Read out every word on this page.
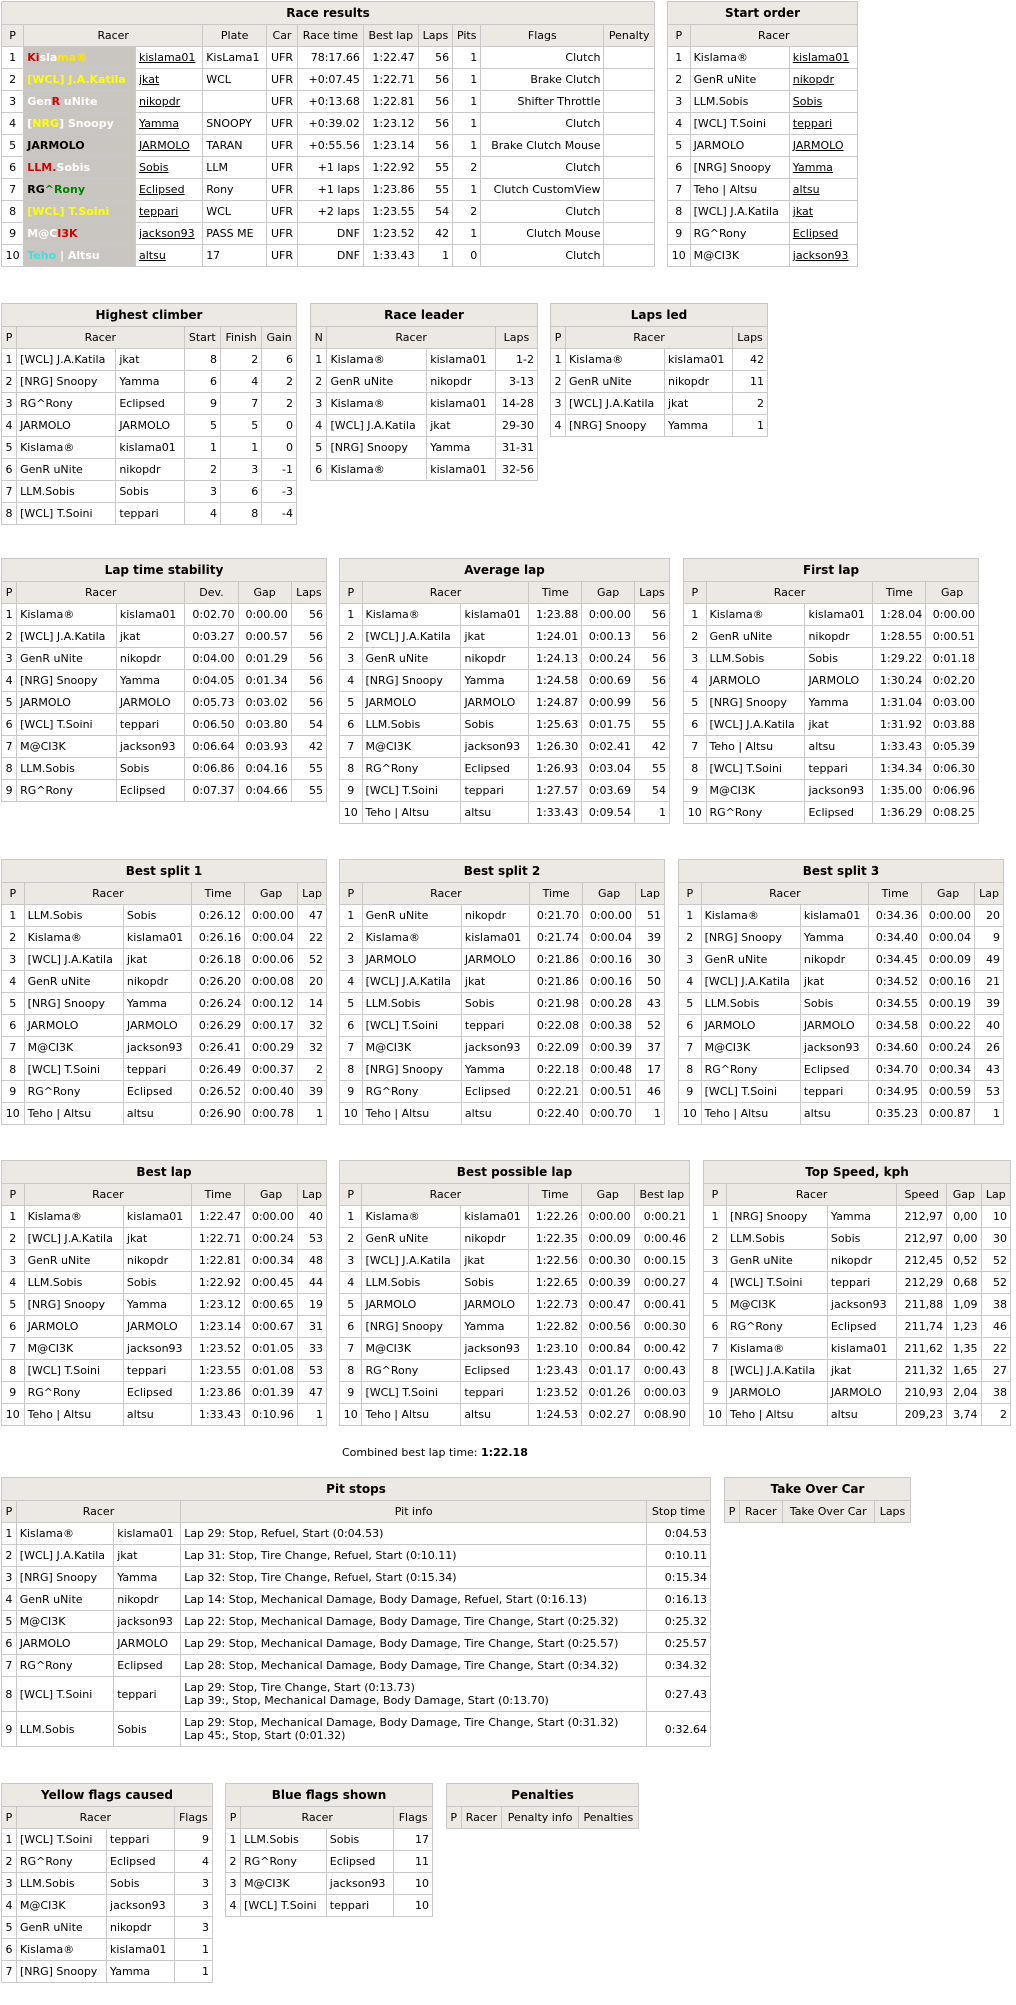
Race results
P	Racer		Plate	Car	Race time	Best lap	Laps	Pits	Flags	Penalty
1	Kislama®	kislama01	KisLama1	UFR	78:17.66	1:22.47	56	1	Clutch	
2	[WCL] J.A.Katila	jkat	WCL	UFR	+0:07.45	1:22.71	56	1	Brake Clutch	
3	GenR uNite	nikopdr		UFR	+0:13.68	1:22.81	56	1	Shifter Throttle	
4	[NRG] Snoopy	Yamma	SNOOPY	UFR	+0:39.02	1:23.12	56	1	Clutch	
5	JARMOLO	JARMOLO	TARAN	UFR	+0:55.56	1:23.14	56	1	Brake Clutch Mouse	
6	LLM.Sobis	Sobis	LLM	UFR	+1 laps	1:22.92	55	2	Clutch	
7	RG^Rony	Eclipsed	Rony	UFR	+1 laps	1:23.86	55	1	Clutch CustomView	
8	[WCL] T.Soini	teppari	WCL	UFR	+2 laps	1:23.55	54	2	Clutch	
9	M@CI3K	jackson93	PASS ME	UFR	DNF	1:23.52	42	1	Clutch Mouse	
10	Teho | Altsu	altsu	17	UFR	DNF	1:33.43	1	0	Clutch	
Start order
P	Racer	
1	Kislama®	kislama01
2	GenR uNite	nikopdr
3	LLM.Sobis	Sobis
4	[WCL] T.Soini	teppari
5	JARMOLO	JARMOLO
6	[NRG] Snoopy	Yamma
7	Teho | Altsu	altsu
8	[WCL] J.A.Katila	jkat
9	RG^Rony	Eclipsed
10	M@CI3K	jackson93
Highest climber
P	Racer		Start	Finish	Gain
1	[WCL] J.A.Katila	jkat	8	2	6
2	[NRG] Snoopy	Yamma	6	4	2
3	RG^Rony	Eclipsed	9	7	2
4	JARMOLO	JARMOLO	5	5	0
5	Kislama®	kislama01	1	1	0
6	GenR uNite	nikopdr	2	3	-1
7	LLM.Sobis	Sobis	3	6	-3
8	[WCL] T.Soini	teppari	4	8	-4
Race leader
N	Racer		Laps
1	Kislama®	kislama01	1-2
2	GenR uNite	nikopdr	3-13
3	Kislama®	kislama01	14-28
4	[WCL] J.A.Katila	jkat	29-30
5	[NRG] Snoopy	Yamma	31-31
6	Kislama®	kislama01	32-56
Laps led
P	Racer		Laps
1	Kislama®	kislama01	42
2	GenR uNite	nikopdr	11
3	[WCL] J.A.Katila	jkat	2
4	[NRG] Snoopy	Yamma	1
Lap time stability
P	Racer		Dev.	Gap	Laps
1	Kislama®	kislama01	0:02.70	0:00.00	56
2	[WCL] J.A.Katila	jkat	0:03.27	0:00.57	56
3	GenR uNite	nikopdr	0:04.00	0:01.29	56
4	[NRG] Snoopy	Yamma	0:04.05	0:01.34	56
5	JARMOLO	JARMOLO	0:05.73	0:03.02	56
6	[WCL] T.Soini	teppari	0:06.50	0:03.80	54
7	M@CI3K	jackson93	0:06.64	0:03.93	42
8	LLM.Sobis	Sobis	0:06.86	0:04.16	55
9	RG^Rony	Eclipsed	0:07.37	0:04.66	55
Average lap
P	Racer		Time	Gap	Laps
1	Kislama®	kislama01	1:23.88	0:00.00	56
2	[WCL] J.A.Katila	jkat	1:24.01	0:00.13	56
3	GenR uNite	nikopdr	1:24.13	0:00.24	56
4	[NRG] Snoopy	Yamma	1:24.58	0:00.69	56
5	JARMOLO	JARMOLO	1:24.87	0:00.99	56
6	LLM.Sobis	Sobis	1:25.63	0:01.75	55
7	M@CI3K	jackson93	1:26.30	0:02.41	42
8	RG^Rony	Eclipsed	1:26.93	0:03.04	55
9	[WCL] T.Soini	teppari	1:27.57	0:03.69	54
10	Teho | Altsu	altsu	1:33.43	0:09.54	1
First lap
P	Racer		Time	Gap
1	Kislama®	kislama01	1:28.04	0:00.00
2	GenR uNite	nikopdr	1:28.55	0:00.51
3	LLM.Sobis	Sobis	1:29.22	0:01.18
4	JARMOLO	JARMOLO	1:30.24	0:02.20
5	[NRG] Snoopy	Yamma	1:31.04	0:03.00
6	[WCL] J.A.Katila	jkat	1:31.92	0:03.88
7	Teho | Altsu	altsu	1:33.43	0:05.39
8	[WCL] T.Soini	teppari	1:34.34	0:06.30
9	M@CI3K	jackson93	1:35.00	0:06.96
10	RG^Rony	Eclipsed	1:36.29	0:08.25
Best split 1
P	Racer		Time	Gap	Lap
1	LLM.Sobis	Sobis	0:26.12	0:00.00	47
2	Kislama®	kislama01	0:26.16	0:00.04	22
3	[WCL] J.A.Katila	jkat	0:26.18	0:00.06	52
4	GenR uNite	nikopdr	0:26.20	0:00.08	20
5	[NRG] Snoopy	Yamma	0:26.24	0:00.12	14
6	JARMOLO	JARMOLO	0:26.29	0:00.17	32
7	M@CI3K	jackson93	0:26.41	0:00.29	32
8	[WCL] T.Soini	teppari	0:26.49	0:00.37	2
9	RG^Rony	Eclipsed	0:26.52	0:00.40	39
10	Teho | Altsu	altsu	0:26.90	0:00.78	1
Best split 2
P	Racer		Time	Gap	Lap
1	GenR uNite	nikopdr	0:21.70	0:00.00	51
2	Kislama®	kislama01	0:21.74	0:00.04	39
3	JARMOLO	JARMOLO	0:21.86	0:00.16	30
4	[WCL] J.A.Katila	jkat	0:21.86	0:00.16	50
5	LLM.Sobis	Sobis	0:21.98	0:00.28	43
6	[WCL] T.Soini	teppari	0:22.08	0:00.38	52
7	M@CI3K	jackson93	0:22.09	0:00.39	37
8	[NRG] Snoopy	Yamma	0:22.18	0:00.48	17
9	RG^Rony	Eclipsed	0:22.21	0:00.51	46
10	Teho | Altsu	altsu	0:22.40	0:00.70	1
Best split 3
P	Racer		Time	Gap	Lap
1	Kislama®	kislama01	0:34.36	0:00.00	20
2	[NRG] Snoopy	Yamma	0:34.40	0:00.04	9
3	GenR uNite	nikopdr	0:34.45	0:00.09	49
4	[WCL] J.A.Katila	jkat	0:34.52	0:00.16	21
5	LLM.Sobis	Sobis	0:34.55	0:00.19	39
6	JARMOLO	JARMOLO	0:34.58	0:00.22	40
7	M@CI3K	jackson93	0:34.60	0:00.24	26
8	RG^Rony	Eclipsed	0:34.70	0:00.34	43
9	[WCL] T.Soini	teppari	0:34.95	0:00.59	53
10	Teho | Altsu	altsu	0:35.23	0:00.87	1
Best lap
P	Racer		Time	Gap	Lap
1	Kislama®	kislama01	1:22.47	0:00.00	40
2	[WCL] J.A.Katila	jkat	1:22.71	0:00.24	53
3	GenR uNite	nikopdr	1:22.81	0:00.34	48
4	LLM.Sobis	Sobis	1:22.92	0:00.45	44
5	[NRG] Snoopy	Yamma	1:23.12	0:00.65	19
6	JARMOLO	JARMOLO	1:23.14	0:00.67	31
7	M@CI3K	jackson93	1:23.52	0:01.05	33
8	[WCL] T.Soini	teppari	1:23.55	0:01.08	53
9	RG^Rony	Eclipsed	1:23.86	0:01.39	47
10	Teho | Altsu	altsu	1:33.43	0:10.96	1
Best possible lap
P	Racer		Time	Gap	Best lap
1	Kislama®	kislama01	1:22.26	0:00.00	0:00.21
2	GenR uNite	nikopdr	1:22.35	0:00.09	0:00.46
3	[WCL] J.A.Katila	jkat	1:22.56	0:00.30	0:00.15
4	LLM.Sobis	Sobis	1:22.65	0:00.39	0:00.27
5	JARMOLO	JARMOLO	1:22.73	0:00.47	0:00.41
6	[NRG] Snoopy	Yamma	1:22.82	0:00.56	0:00.30
7	M@CI3K	jackson93	1:23.10	0:00.84	0:00.42
8	RG^Rony	Eclipsed	1:23.43	0:01.17	0:00.43
9	[WCL] T.Soini	teppari	1:23.52	0:01.26	0:00.03
10	Teho | Altsu	altsu	1:24.53	0:02.27	0:08.90
Top Speed, kph
P	Racer		Speed	Gap	Lap
1	[NRG] Snoopy	Yamma	212,97	0,00	10
2	LLM.Sobis	Sobis	212,97	0,00	30
3	GenR uNite	nikopdr	212,45	0,52	52
4	[WCL] T.Soini	teppari	212,29	0,68	52
5	M@CI3K	jackson93	211,88	1,09	38
6	RG^Rony	Eclipsed	211,74	1,23	46
7	Kislama®	kislama01	211,62	1,35	22
8	[WCL] J.A.Katila	jkat	211,32	1,65	27
9	JARMOLO	JARMOLO	210,93	2,04	38
10	Teho | Altsu	altsu	209,23	3,74	2
Combined best lap time: 1:22.18
Pit stops
P	Racer		Pit info	Stop time
1	Kislama®	kislama01	Lap 29: Stop, Refuel, Start (0:04.53)	0:04.53
2	[WCL] J.A.Katila	jkat	Lap 31: Stop, Tire Change, Refuel, Start (0:10.11)	0:10.11
3	[NRG] Snoopy	Yamma	Lap 32: Stop, Tire Change, Refuel, Start (0:15.34)	0:15.34
4	GenR uNite	nikopdr	Lap 14: Stop, Mechanical Damage, Body Damage, Refuel, Start (0:16.13)	0:16.13
5	M@CI3K	jackson93	Lap 22: Stop, Mechanical Damage, Body Damage, Tire Change, Start (0:25.32)	0:25.32
6	JARMOLO	JARMOLO	Lap 29: Stop, Mechanical Damage, Body Damage, Tire Change, Start (0:25.57)	0:25.57
7	RG^Rony	Eclipsed	Lap 28: Stop, Mechanical Damage, Body Damage, Tire Change, Start (0:34.32)	0:34.32
8	[WCL] T.Soini	teppari	Lap 29: Stop, Tire Change, Start (0:13.73)
Lap 39:, Stop, Mechanical Damage, Body Damage, Start (0:13.70)	0:27.43
9	LLM.Sobis	Sobis	Lap 29: Stop, Mechanical Damage, Body Damage, Tire Change, Start (0:31.32)
Lap 45:, Stop, Start (0:01.32)	0:32.64
Take Over Car
P	Racer	Take Over Car	Laps
Yellow flags caused
P	Racer		Flags
1	[WCL] T.Soini	teppari	9
2	RG^Rony	Eclipsed	4
3	LLM.Sobis	Sobis	3
4	M@CI3K	jackson93	3
5	GenR uNite	nikopdr	3
6	Kislama®	kislama01	1
7	[NRG] Snoopy	Yamma	1
Blue flags shown
P	Racer		Flags
1	LLM.Sobis	Sobis	17
2	RG^Rony	Eclipsed	11
3	M@CI3K	jackson93	10
4	[WCL] T.Soini	teppari	10
Penalties
P	Racer	Penalty info	Penalties
